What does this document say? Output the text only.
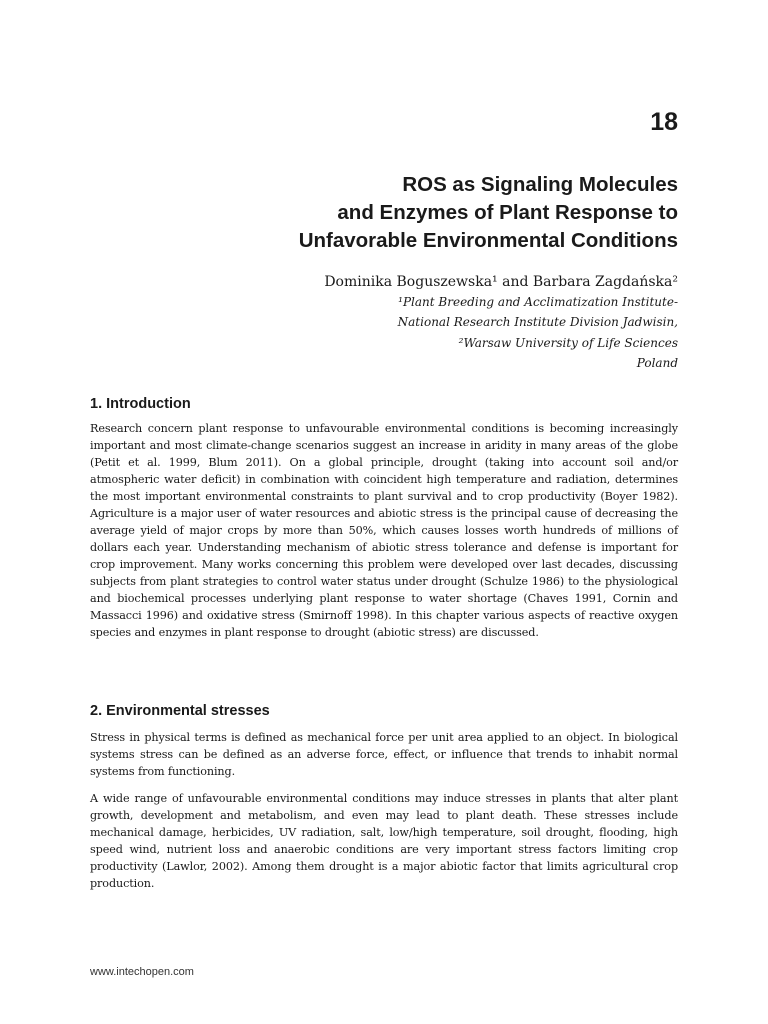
18
ROS as Signaling Molecules
and Enzymes of Plant Response to
Unfavorable Environmental Conditions
Dominika Boguszewska¹ and Barbara Zagdańska²
¹Plant Breeding and Acclimatization Institute-
National Research Institute Division Jadwisin,
²Warsaw University of Life Sciences
Poland
1. Introduction

Research concern plant response to unfavourable environmental conditions is becoming increasingly important and most climate-change scenarios suggest an increase in aridity in many areas of the globe (Petit et al. 1999, Blum 2011). On a global principle, drought (taking into account soil and/or atmospheric water deficit) in combination with coincident high temperature and radiation, determines the most important environmental constraints to plant survival and to crop productivity (Boyer 1982). Agriculture is a major user of water resources and abiotic stress is the principal cause of decreasing the average yield of major crops by more than 50%, which causes losses worth hundreds of millions of dollars each year. Understanding mechanism of abiotic stress tolerance and defense is important for crop improvement. Many works concerning this problem were developed over last decades, discussing subjects from plant strategies to control water status under drought (Schulze 1986) to the physiological and biochemical processes underlying plant response to water shortage (Chaves 1991, Cornin and Massacci 1996) and oxidative stress (Smirnoff 1998). In this chapter various aspects of reactive oxygen species and enzymes in plant response to drought (abiotic stress) are discussed.

2. Environmental stresses

Stress in physical terms is defined as mechanical force per unit area applied to an object. In biological systems stress can be defined as an adverse force, effect, or influence that trends to inhabit normal systems from functioning.

A wide range of unfavourable environmental conditions may induce stresses in plants that alter plant growth, development and metabolism, and even may lead to plant death. These stresses include mechanical damage, herbicides, UV radiation, salt, low/high temperature, soil drought, flooding, high speed wind, nutrient loss and anaerobic conditions are very important stress factors limiting crop productivity (Lawlor, 2002). Among them drought is a major abiotic factor that limits agricultural crop production.

www.intechopen.com
